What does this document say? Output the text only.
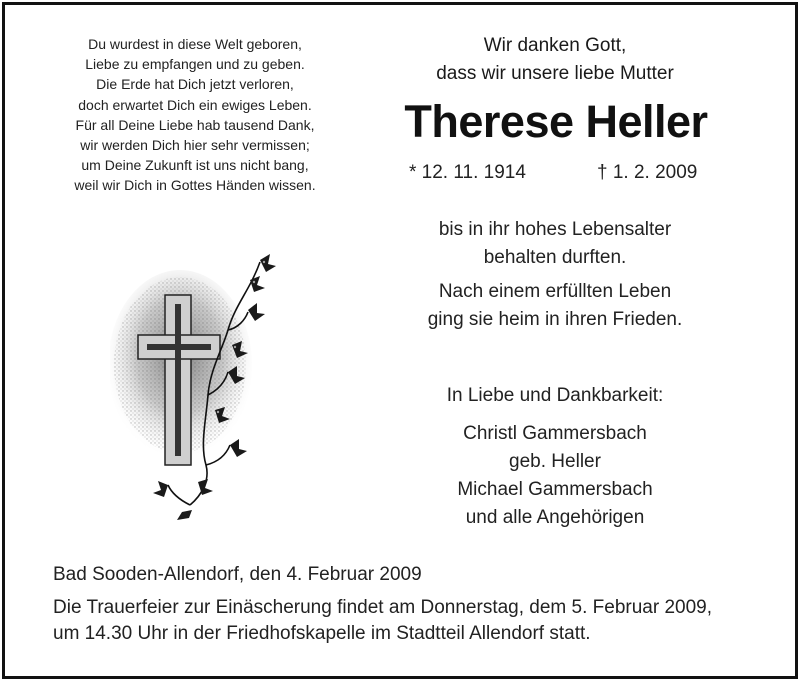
Du wurdest in diese Welt geboren,
Liebe zu empfangen und zu geben.
Die Erde hat Dich jetzt verloren,
doch erwartet Dich ein ewiges Leben.
Für all Deine Liebe hab tausend Dank,
wir werden Dich hier sehr vermissen;
um Deine Zukunft ist uns nicht bang,
weil wir Dich in Gottes Händen wissen.
Wir danken Gott,
dass wir unsere liebe Mutter
Therese Heller
* 12. 11. 1914	† 1. 2. 2009
bis in ihr hohes Lebensalter
behalten durften.
Nach einem erfüllten Leben
ging sie heim in ihren Frieden.
In Liebe und Dankbarkeit:
Christl Gammersbach
geb. Heller
Michael Gammersbach
und alle Angehörigen
Bad Sooden-Allendorf, den 4. Februar 2009
Die Trauerfeier zur Einäscherung findet am Donnerstag, dem 5. Februar 2009,
um 14.30 Uhr in der Friedhofskapelle im Stadtteil Allendorf statt.
